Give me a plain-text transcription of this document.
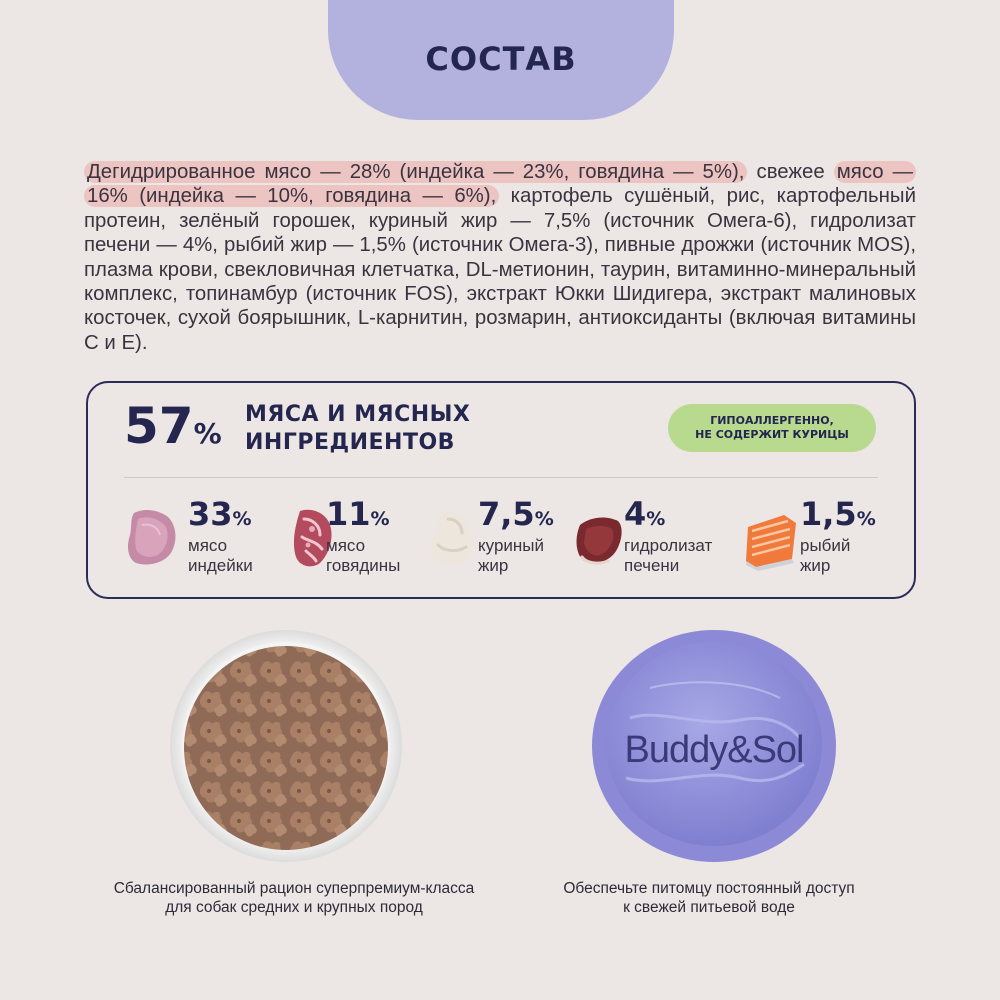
СОСТАВ

Дегидрированное мясо — 28% (индейка — 23%, говядина — 5%), свежее мясо — 16% (индейка — 10%, говядина — 6%), картофель сушёный, рис, картофельный протеин, зелёный горошек, куриный жир — 7,5% (источник Омега-6), гидролизат печени — 4%, рыбий жир — 1,5% (источник Омега-3), пивные дрожжи (источник MOS), плазма крови, свекловичная клетчатка, DL-метионин, таурин, витаминно-минеральный комплекс, топинамбур (источник FOS), экстракт Юкки Шидигера, экстракт малиновых косточек, сухой боярышник, L-карнитин, розмарин, антиоксиданты (включая витамины С и Е).

57%
МЯСА И МЯСНЫХ
ИНГРЕДИЕНТОВ
ГИПОАЛЛЕРГЕННО,
НЕ СОДЕРЖИТ КУРИЦЫ
33%
мясо
индейки
11%
мясо
говядины
7,5%
куриный
жир
4%
гидролизат
печени
1,5%
рыбий
жир
Buddy&Sol
Сбалансированный рацион суперпремиум-класса
для собак средних и крупных пород
Обеспечьте питомцу постоянный доступ
к свежей питьевой воде
